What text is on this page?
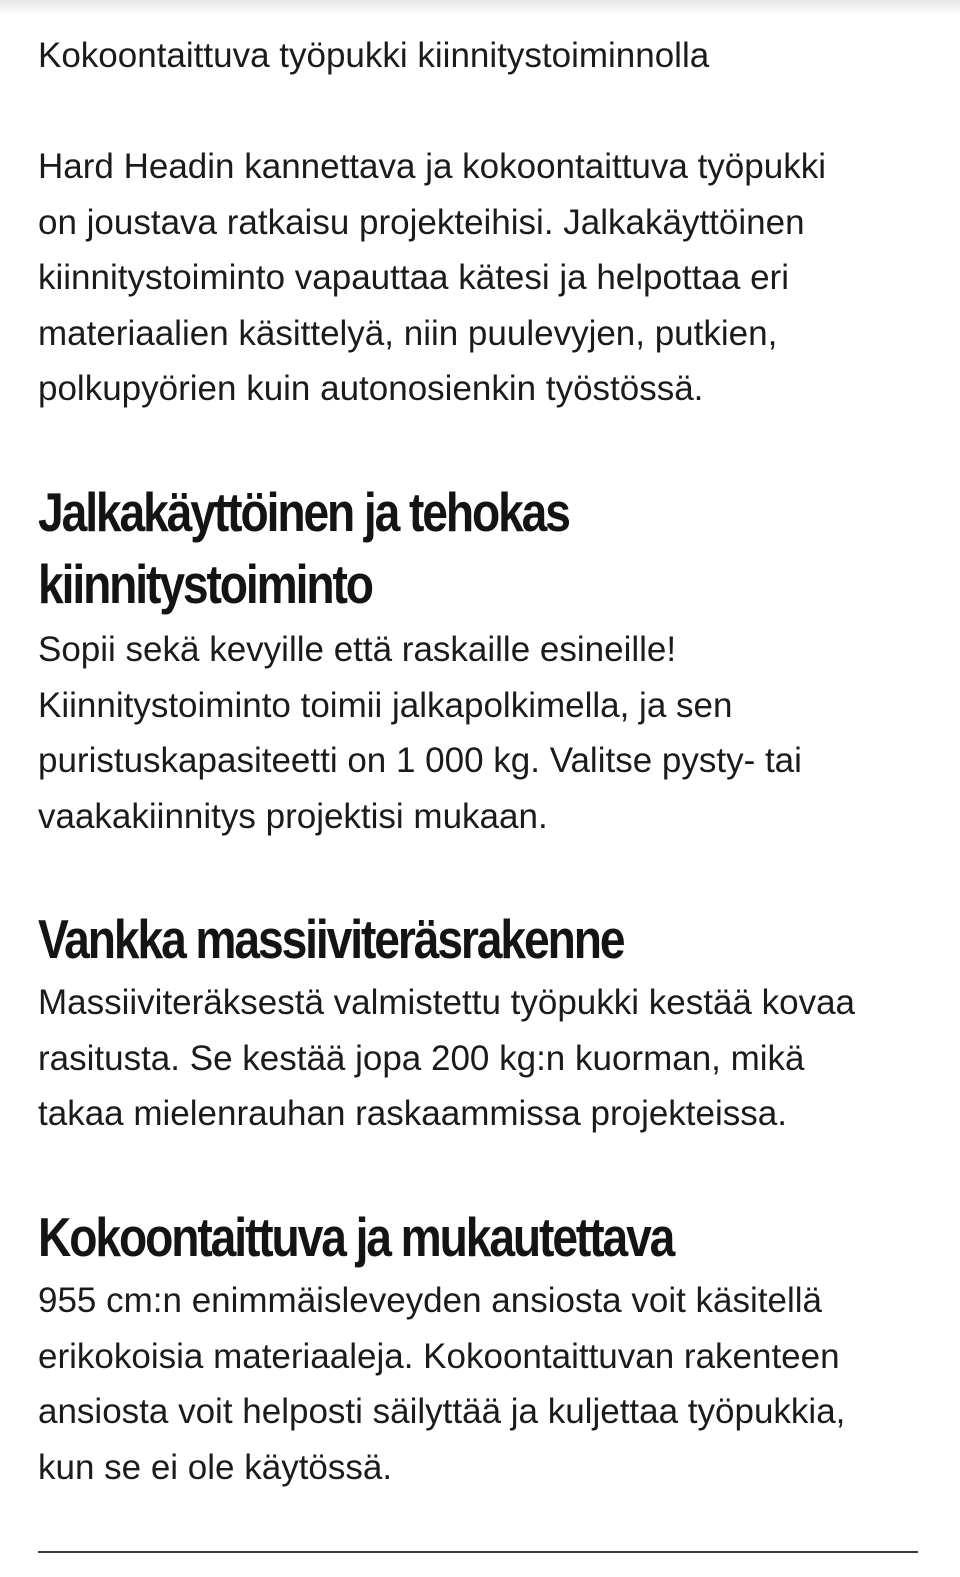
Kokoontaittuva työpukki kiinnitystoiminnolla

Hard Headin kannettava ja kokoontaittuva työpukki
on joustava ratkaisu projekteihisi. Jalkakäyttöinen
kiinnitystoiminto vapauttaa kätesi ja helpottaa eri
materiaalien käsittelyä, niin puulevyjen, putkien,
polkupyörien kuin autonosienkin työstössä.

Jalkakäyttöinen ja tehokas
kiinnitystoiminto

Sopii sekä kevyille että raskaille esineille!
Kiinnitystoiminto toimii jalkapolkimella, ja sen
puristuskapasiteetti on 1 000 kg. Valitse pysty- tai
vaakakiinnitys projektisi mukaan.

Vankka massiiviteräsrakenne

Massiiviteräksestä valmistettu työpukki kestää kovaa
rasitusta. Se kestää jopa 200 kg:n kuorman, mikä
takaa mielenrauhan raskaammissa projekteissa.

Kokoontaittuva ja mukautettava

955 cm:n enimmäisleveyden ansiosta voit käsitellä
erikokoisia materiaaleja. Kokoontaittuvan rakenteen
ansiosta voit helposti säilyttää ja kuljettaa työpukkia,
kun se ei ole käytössä.
